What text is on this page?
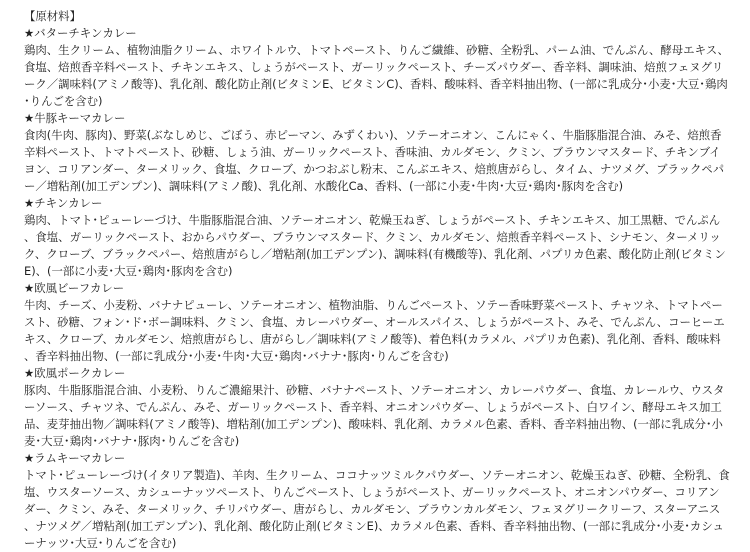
【原材料】
★バターチキンカレー
鶏肉、生クリーム、植物油脂クリーム、ホワイトルウ、トマトペースト、りんご繊維、砂糖、全粉乳、パーム油、でんぷん、酵母エキス、食塩、焙煎香辛料ペースト、チキンエキス、しょうがペースト、ガーリックペースト、チーズパウダー、香辛料、調味油、焙煎フェヌグリーク／調味料(アミノ酸等)、乳化剤、酸化防止剤(ビタミンE、ビタミンC)、香料、酸味料、香辛料抽出物、(一部に乳成分･小麦･大豆･鶏肉･りんごを含む)
★牛豚キーマカレー
食肉(牛肉、豚肉)、野菜(ぶなしめじ、ごぼう、赤ピーマン、みずくわい)、ソテーオニオン、こんにゃく、牛脂豚脂混合油、みそ、焙煎香辛料ペースト、トマトペースト、砂糖、しょう油、ガーリックペースト、香味油、カルダモン、クミン、ブラウンマスタード、チキンブイヨン、コリアンダー、ターメリック、食塩、クローブ、かつおぶし粉末、こんぶエキス、焙煎唐がらし、タイム、ナツメグ、ブラックペパー／増粘剤(加工デンプン)、調味料(アミノ酸)、乳化剤、水酸化Ca、香料、(一部に小麦･牛肉･大豆･鶏肉･豚肉を含む)
★チキンカレー
鶏肉、トマト･ピューレーづけ、牛脂豚脂混合油、ソテーオニオン、乾燥玉ねぎ、しょうがペースト、チキンエキス、加工黒糖、でんぷん、食塩、ガーリックペースト、おからパウダー、ブラウンマスタード、クミン、カルダモン、焙煎香辛料ペースト、シナモン、ターメリック、クローブ、ブラックペパー、焙煎唐がらし／増粘剤(加工デンプン)、調味料(有機酸等)、乳化剤、パプリカ色素、酸化防止剤(ビタミンE)、(一部に小麦･大豆･鶏肉･豚肉を含む)
★欧風ビーフカレー
牛肉、チーズ、小麦粉、バナナピューレ、ソテーオニオン、植物油脂、りんごペースト、ソテー香味野菜ペースト、チャツネ、トマトペースト、砂糖、フォン･ド･ボー調味料、クミン、食塩、カレーパウダー、オールスパイス、しょうがペースト、みそ、でんぷん、コーヒーエキス、クローブ、カルダモン、焙煎唐がらし、唐がらし／調味料(アミノ酸等)、着色料(カラメル、パプリカ色素)、乳化剤、香料、酸味料、香辛料抽出物、(一部に乳成分･小麦･牛肉･大豆･鶏肉･バナナ･豚肉･りんごを含む)
★欧風ポークカレー
豚肉、牛脂豚脂混合油、小麦粉、りんご濃縮果汁、砂糖、バナナペースト、ソテーオニオン、カレーパウダー、食塩、カレールウ、ウスターソース、チャツネ、でんぷん、みそ、ガーリックペースト、香辛料、オニオンパウダー、しょうがペースト、白ワイン、酵母エキス加工品、麦芽抽出物／調味料(アミノ酸等)、増粘剤(加工デンプン)、酸味料、乳化剤、カラメル色素、香料、香辛料抽出物、(一部に乳成分･小麦･大豆･鶏肉･バナナ･豚肉･りんごを含む)
★ラムキーマカレー
トマト･ピューレーづけ(イタリア製造)、羊肉、生クリーム、ココナッツミルクパウダー、ソテーオニオン、乾燥玉ねぎ、砂糖、全粉乳、食塩、ウスターソース、カシューナッツペースト、りんごペースト、しょうがペースト、ガーリックペースト、オニオンパウダー、コリアンダー、クミン、みそ、ターメリック、チリパウダー、唐がらし、カルダモン、ブラウンカルダモン、フェヌグリークリーフ、スターアニス、ナツメグ／増粘剤(加工デンプン)、乳化剤、酸化防止剤(ビタミンE)、カラメル色素、香料、香辛料抽出物、(一部に乳成分･小麦･カシューナッツ･大豆･りんごを含む)
